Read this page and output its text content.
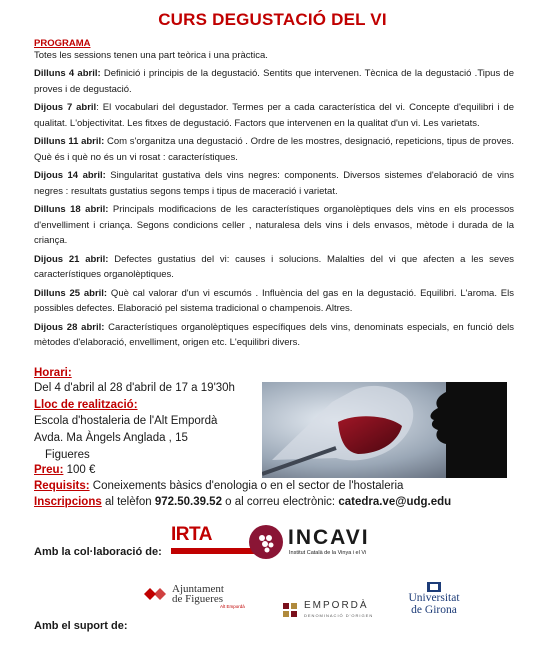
CURS DEGUSTACIÓ DEL VI
PROGRAMA
Totes les sessions tenen una part teòrica i una pràctica.

Dilluns 4 abril: Definició i principis de la degustació. Sentits que intervenen. Tècnica de la degustació .Tipus de proves i de degustació.

Dijous 7 abril: El vocabulari del degustador. Termes per a cada característica del vi. Concepte d'equilibri i de qualitat. L'objectivitat. Les fitxes de degustació. Factors que intervenen en la qualitat d'un vi. Les varietats.

Dilluns 11 abril: Com s'organitza una degustació . Ordre de les mostres, designació, repeticions, tipus de proves. Què és i què no és un vi rosat : característiques.

Dijous 14 abril: Singularitat gustativa dels vins negres: components. Diversos sistemes d'elaboració de vins negres : resultats gustatius segons temps i tipus de maceració i varietat.

Dilluns 18 abril: Principals modificacions de les característiques organolèptiques dels vins en els processos d'envelliment i criança. Segons condicions celler , naturalesa dels vins i dels envasos, mètode i durada de la criança.

Dijous 21 abril: Defectes gustatius del vi: causes i solucions. Malalties del vi que afecten a les seves característiques organolèptiques.

Dilluns 25 abril: Què cal valorar d'un vi escumós . Influència del gas en la degustació. Equilibri. L'aroma. Els possibles defectes. Elaboració pel sistema tradicional o champenois. Altres.

Dijous 28 abril: Característiques organolèptiques específiques dels vins, denominats especials, en funció dels mètodes d'elaboració, envelliment, origen etc. L'equilibri divers.

Horari:
Del 4 d'abril al 28 d'abril de 17 a 19'30h
Lloc de realització:
Escola d'hostaleria de l'Alt Empordà
Avda. Ma Àngels Anglada , 15
Figueres
Preu: 100 €
Requisits: Coneixements bàsics d'enologia o en el sector de l'hostaleria
Inscripcions al telèfon 972.50.39.52 o al correu electrònic: catedra.ve@udg.edu
Amb la col·laboració de:
IRTA	INCAVI
Institut Català de la Vinya i el Vi
Ajuntament
de Figueres
Alt Empordà	EMPORDÀ
DENOMINACIÓ D'ORIGEN
Universitat
de Girona
Amb el suport de:
